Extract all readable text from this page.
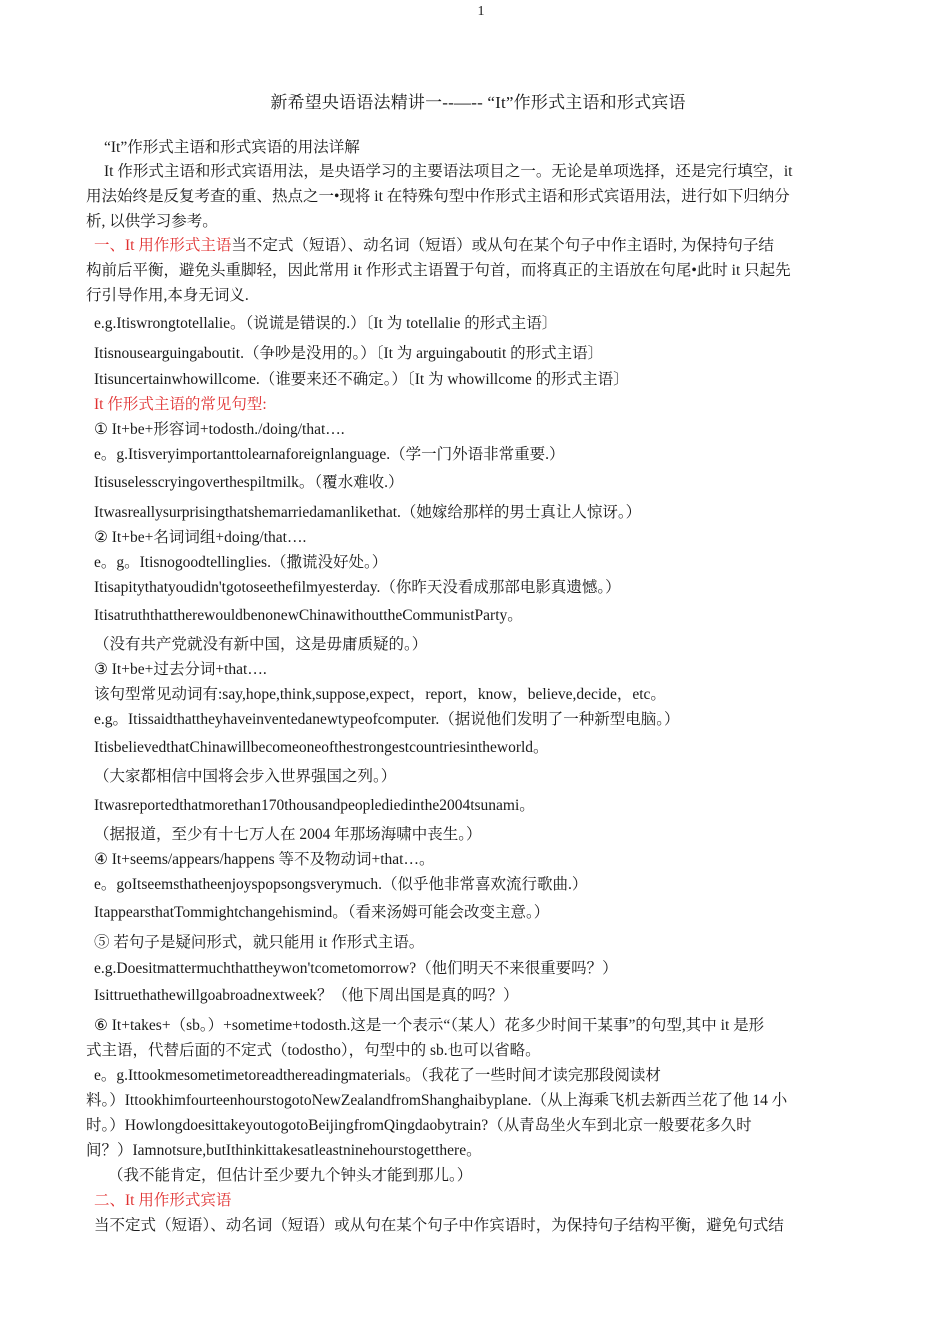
1
新希望央语语法精讲一--—-- “It”作形式主语和形式宾语
“It”作形式主语和形式宾语的用法详解
It 作形式主语和形式宾语用法，是央语学习的主要语法项目之一。无论是单项选择，还是完行填空，it
用法始终是反复考查的重、热点之一•现将 it 在特殊句型中作形式主语和形式宾语用法，进行如下归纳分
析, 以供学习参考。
一、It 用作形式主语当不定式（短语）、动名词（短语）或从句在某个句子中作主语时, 为保持句子结
构前后平衡，避免头重脚轻，因此常用 it 作形式主语置于句首，而将真正的主语放在句尾•此时 it 只起先
行引导作用,本身无词义.
e.g.Itiswrongtotellalie。（说谎是错误的.）〔It 为 totellalie 的形式主语〕
Itisnousearguingaboutit.（争吵是没用的。）〔It 为 arguingaboutit 的形式主语〕
Itisuncertainwhowillcome.（谁要来还不确定。）〔It 为 whowillcome 的形式主语〕
It 作形式主语的常见句型:
① It+be+形容词+todosth./doing/that….
e。g.Itisveryimportanttolearnaforeignlanguage.（学一门外语非常重要.）
Itisuselesscryingoverthespiltmilk。（覆水难收.）
Itwasreallysurprisingthatshemarriedamanlikethat.（她嫁给那样的男士真让人惊讶。）
② It+be+名词词组+doing/that….
e。g。Itisnogoodtellinglies.（撒谎没好处。）
Itisapitythatyoudidn'tgotoseethefilmyesterday.（你昨天没看成那部电影真遗憾。）
ItisatruththattherewouldbenonewChinawithouttheCommunistParty。
（没有共产党就没有新中国，这是毋庸质疑的。）
③ It+be+过去分词+that….
该句型常见动词有:say,hope,think,suppose,expect，report，know，believe,decide，etc。
e.g。Itissaidthattheyhaveinventedanewtypeofcomputer.（据说他们发明了一种新型电脑。）
ItisbelievedthatChinawillbecomeoneofthestrongestcountriesintheworld。
（大家都相信中国将会步入世界强国之列。）
Itwasreportedthatmorethan170thousandpeoplediedinthe2004tsunami。
（据报道，至少有十七万人在 2004 年那场海啸中丧生。）
④ It+seems/appears/happens 等不及物动词+that…。
e。goItseemsthatheenjoyspopsongsverymuch.（似乎他非常喜欢流行歌曲.）
ItappearsthatTommightchangehismind。（看来汤姆可能会改变主意。）
⑤ 若句子是疑问形式，就只能用 it 作形式主语。
e.g.Doesitmattermuchthattheywon'tcometomorrow?（他们明天不来很重要吗？）
Isittruethathewillgoabroadnextweek？（他下周出国是真的吗？）
⑥ It+takes+（sb。）+sometime+todosth.这是一个表示“（某人）花多少时间干某事”的句型,其中 it 是形
式主语，代替后面的不定式（todostho），句型中的 sb.也可以省略。
e。g.Ittookmesometimetoreadthereadingmaterials。（我花了一些时间才读完那段阅读材
料。）IttookhimfourteenhourstogotoNewZealandfromShanghaibyplane.（从上海乘飞机去新西兰花了他 14 小
时。）HowlongdoesittakeyoutogotoBeijingfromQingdaobytrain?（从青岛坐火车到北京一般要花多久时
间？）Iamnotsure,butIthinkittakesatleastninehourstogetthere。
（我不能肯定，但估计至少要九个钟头才能到那儿。）
二、It 用作形式宾语
当不定式（短语）、动名词（短语）或从句在某个句子中作宾语时，为保持句子结构平衡，避免句式结
